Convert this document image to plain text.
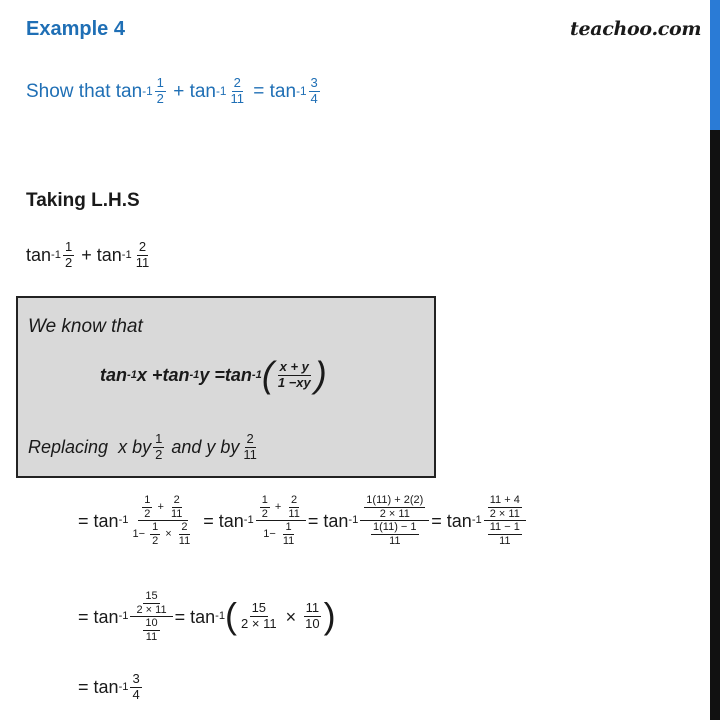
Example 4	teachoo.com
Show that
$\tan -1 \frac{1}{2}$
+
$\tan -1 \frac{2}{11}$
=
$\tan -1 \frac{3}{4}$
Taking L.H.S
$\tan -1 \frac{1}{2}$
+
$\tan -1 \frac{2}{11}$
We know that
tan -1 x + tan -1 y = tan -1 ( $\frac{x + y}{1 -xy}$ )
Replacing
x by $\frac{1}{2}$
and y by $\frac{2}{11}$
=
$\tan -1 \frac{\frac{1}{2} + \frac{2}{11}}{1- \frac{1}{2} \times \frac{2}{11}}$
=
$\tan -1 \frac{\frac{1}{2} + \frac{2}{11}}{1- \frac{1}{11}}$ =
$\tan -1 \frac{\frac{1(11) + 2(2)}{2 \times 11}}{\frac{1(11) - 1}{11}}$ =
$\tan -1 \frac{\frac{11 + 4}{2 \times 11}}{\frac{11 - 1}{11}}$
=
$\tan -1 \frac{\frac{15}{2 \times 11}}{\frac{10}{11}}$ =
tan -1 ( $\frac{15}{2 \times 11}$
×
$\frac{11}{10}$ )
=
$\tan -1 \frac{3}{4}$
